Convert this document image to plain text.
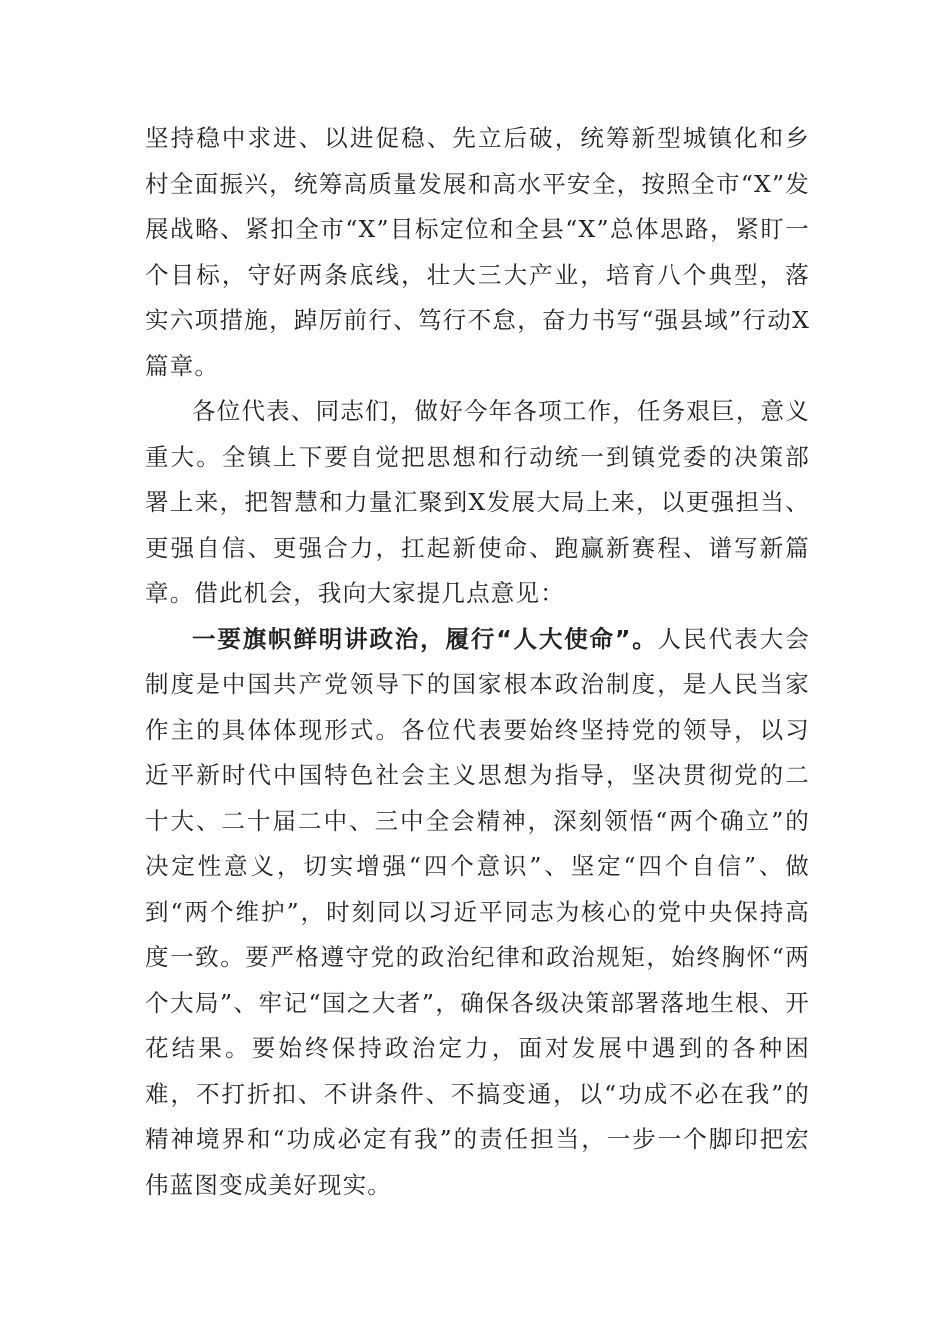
坚持稳中求进、以进促稳、先立后破，统筹新型城镇化和乡村全面振兴，统筹高质量发展和高水平安全，按照全市“X”发展战略、紧扣全市“X”目标定位和全县“X”总体思路，紧盯一个目标，守好两条底线，壮大三大产业，培育八个典型，落实六项措施，踔厉前行、笃行不怠，奋力书写“强县域”行动X篇章。

各位代表、同志们，做好今年各项工作，任务艰巨，意义重大。全镇上下要自觉把思想和行动统一到镇党委的决策部署上来，把智慧和力量汇聚到X发展大局上来，以更强担当、更强自信、更强合力，扛起新使命、跑赢新赛程、谱写新篇章。借此机会，我向大家提几点意见：

一要旗帜鲜明讲政治，履行“人大使命”。人民代表大会制度是中国共产党领导下的国家根本政治制度，是人民当家作主的具体体现形式。各位代表要始终坚持党的领导，以习近平新时代中国特色社会主义思想为指导，坚决贯彻党的二十大、二十届二中、三中全会精神，深刻领悟“两个确立”的决定性意义，切实增强“四个意识”、坚定“四个自信”、做到“两个维护”，时刻同以习近平同志为核心的党中央保持高度一致。要严格遵守党的政治纪律和政治规矩，始终胸怀“两个大局”、牢记“国之大者”，确保各级决策部署落地生根、开花结果。要始终保持政治定力，面对发展中遇到的各种困难，不打折扣、不讲条件、不搞变通，以“功成不必在我”的精神境界和“功成必定有我”的责任担当，一步一个脚印把宏伟蓝图变成美好现实。
